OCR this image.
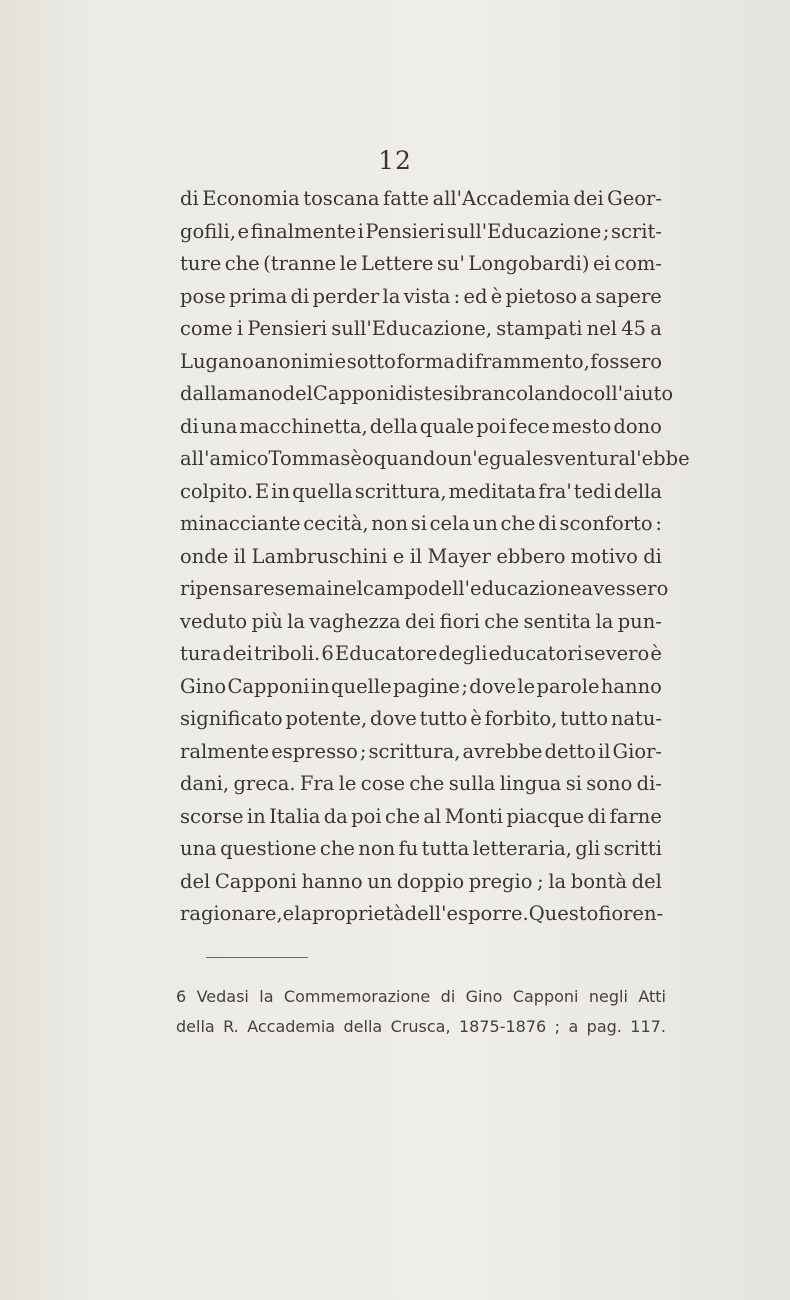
12
di Economia toscana fatte all'Accademia dei Geor-
gofili, e finalmente i Pensieri sull'Educazione ; scrit-
ture che (tranne le Lettere su' Longobardi) ei com-
pose prima di perder la vista : ed è pietoso a sapere
come i Pensieri sull'Educazione, stampati nel 45 a
Lugano anonimi e sotto forma di frammento, fossero
dalla mano del Capponi distesi brancolando coll'aiuto
di una macchinetta, della quale poi fece mesto dono
all'amico Tommasèo quando un'eguale sventura l'ebbe
colpito. E in quella scrittura, meditata fra' tedi della
minacciante cecità, non si cela un che di sconforto :
onde il Lambruschini e il Mayer ebbero motivo di
ripensare se mai nel campo dell'educazione avessero
veduto più la vaghezza dei fiori che sentita la pun-
tura dei triboli. 6 Educatore degli educatori severo è
Gino Capponi in quelle pagine ; dove le parole hanno
significato potente, dove tutto è forbito, tutto natu-
ralmente espresso ; scrittura, avrebbe detto il Gior-
dani, greca. Fra le cose che sulla lingua si sono di-
scorse in Italia da poi che al Monti piacque di farne
una questione che non fu tutta letteraria, gli scritti
del Capponi hanno un doppio pregio ; la bontà del
ragionare, e la proprietà dell' esporre. Questo fioren-
6 Vedasi la Commemorazione di Gino Capponi negli Atti
della R. Accademia della Crusca, 1875-1876 ; a pag. 117.
